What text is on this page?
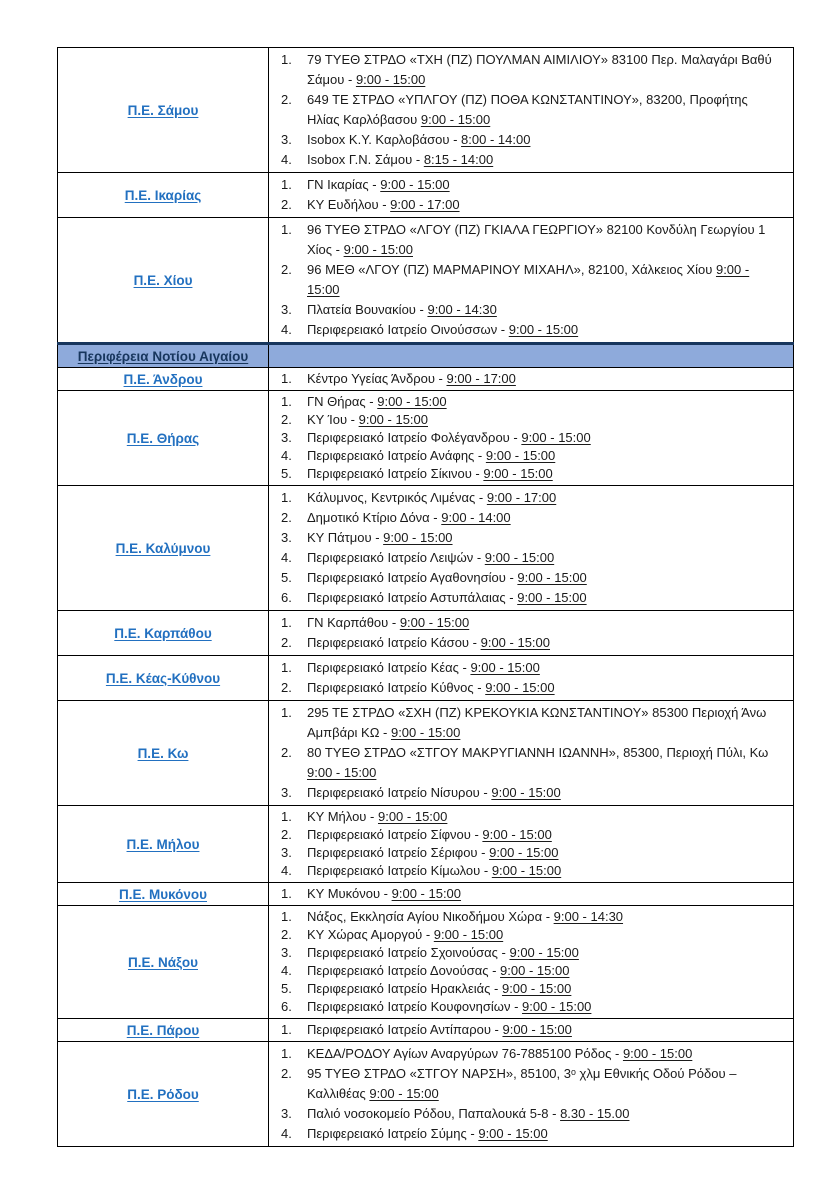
Π.Ε. Σάμου	
1.	79 ΤΥΕΘ ΣΤΡΔΟ «ΤΧΗ (ΠΖ) ΠΟΥΛΜΑΝ ΑΙΜΙΛΙΟΥ» 83100 Περ. Μαλαγάρι Βαθύ Σάμου - 9:00 - 15:00
2.	649 ΤΕ ΣΤΡΔΟ «ΥΠΛΓΟΥ (ΠΖ) ΠΟΘΑ ΚΩΝΣΤΑΝΤΙΝΟΥ», 83200, Προφήτης Ηλίας Καρλόβασου 9:00 - 15:00
3.	Isobox Κ.Υ. Καρλοβάσου - 8:00 - 14:00
4.	Isobox Γ.Ν. Σάμου - 8:15 - 14:00

Π.Ε. Ικαρίας	1. ΓΝ Ικαρίας - 9:00 - 15:00
2. ΚΥ Ευδήλου - 9:00 - 17:00

Π.Ε. Χίου	
1.	96 ΤΥΕΘ ΣΤΡΔΟ «ΛΓΟΥ (ΠΖ) ΓΚΙΑΛΑ ΓΕΩΡΓΙΟΥ» 82100 Κονδύλη Γεωργίου 1 Χίος - 9:00 - 15:00
2.	96 ΜΕΘ «ΛΓΟΥ (ΠΖ) ΜΑΡΜΑΡΙΝΟΥ ΜΙΧΑΗΛ», 82100, Χάλκειος Χίου 9:00 - 15:00
3.	Πλατεία Βουνακίου - 9:00 - 14:30
4.	Περιφερειακό Ιατρείο Οινούσσων - 9:00 - 15:00

Περιφέρεια Νοτίου Αιγαίου	
Π.Ε. Άνδρου	1. Κέντρο Υγείας Άνδρου - 9:00 - 17:00

Π.Ε. Θήρας	
1.	ΓΝ Θήρας - 9:00 - 15:00
2.	ΚΥ Ίου - 9:00 - 15:00
3.	Περιφερειακό Ιατρείο Φολέγανδρου - 9:00 - 15:00
4.	Περιφερειακό Ιατρείο Ανάφης - 9:00 - 15:00
5.	Περιφερειακό Ιατρείο Σίκινου - 9:00 - 15:00

Π.Ε. Καλύμνου	
1.	Κάλυμνος, Κεντρικός Λιμένας - 9:00 - 17:00
2.	Δημοτικό Κτίριο Δόνα - 9:00 - 14:00
3.	ΚΥ Πάτμου - 9:00 - 15:00
4.	Περιφερειακό Ιατρείο Λειψών - 9:00 - 15:00
5.	Περιφερειακό Ιατρείο Αγαθονησίου - 9:00 - 15:00
6.	Περιφερειακό Ιατρείο Αστυπάλαιας - 9:00 - 15:00

Π.Ε. Καρπάθου	1. ΓΝ Καρπάθου - 9:00 - 15:00
2. Περιφερειακό Ιατρείο Κάσου - 9:00 - 15:00

Π.Ε. Κέας-Κύθνου	1. Περιφερειακό Ιατρείο Κέας - 9:00 - 15:00
2. Περιφερειακό Ιατρείο Κύθνος - 9:00 - 15:00

Π.Ε. Κω	
1.	295 ΤΕ ΣΤΡΔΟ «ΣΧΗ (ΠΖ) ΚΡΕΚΟΥΚΙΑ ΚΩΝΣΤΑΝΤΙΝΟΥ» 85300 Περιοχή Άνω Αμπβάρι ΚΩ - 9:00 - 15:00
2.	80 ΤΥΕΘ ΣΤΡΔΟ «ΣΤΓΟΥ ΜΑΚΡΥΓΙΑΝΝΗ ΙΩΑΝΝΗ», 85300, Περιοχή Πύλι, Κω 9:00 - 15:00
3.	Περιφερειακό Ιατρείο Νίσυρου - 9:00 - 15:00

Π.Ε. Μήλου	
1.	ΚΥ Μήλου - 9:00 - 15:00
2.	Περιφερειακό Ιατρείο Σίφνου - 9:00 - 15:00
3.	Περιφερειακό Ιατρείο Σέριφου - 9:00 - 15:00
4.	Περιφερειακό Ιατρείο Κίμωλου - 9:00 - 15:00

Π.Ε. Μυκόνου	1. ΚΥ Μυκόνου - 9:00 - 15:00

Π.Ε. Νάξου	
1.	Νάξος, Εκκλησία Αγίου Νικοδήμου Χώρα - 9:00 - 14:30
2.	ΚΥ Χώρας Αμοργού - 9:00 - 15:00
3.	Περιφερειακό Ιατρείο Σχοινούσας - 9:00 - 15:00
4.	Περιφερειακό Ιατρείο Δονούσας - 9:00 - 15:00
5.	Περιφερειακό Ιατρείο Ηρακλειάς - 9:00 - 15:00
6.	Περιφερειακό Ιατρείο Κουφονησίων - 9:00 - 15:00

Π.Ε. Πάρου	1. Περιφερειακό Ιατρείο Αντίπαρου - 9:00 - 15:00

Π.Ε. Ρόδου	
1.	ΚΕΔΑ/ΡΟΔΟΥ Αγίων Αναργύρων 76-7885100 Ρόδος - 9:00 - 15:00
2.	95 ΤΥΕΘ ΣΤΡΔΟ «ΣΤΓΟΥ ΝΑΡΣΗ», 85100, 3ᵒ χλμ Εθνικής Οδού Ρόδου – Καλλιθέας 9:00 - 15:00
3.	Παλιό νοσοκομείο Ρόδου, Παπαλουκά 5-8 - 8.30 - 15.00
4.	Περιφερειακό Ιατρείο Σύμης - 9:00 - 15:00
